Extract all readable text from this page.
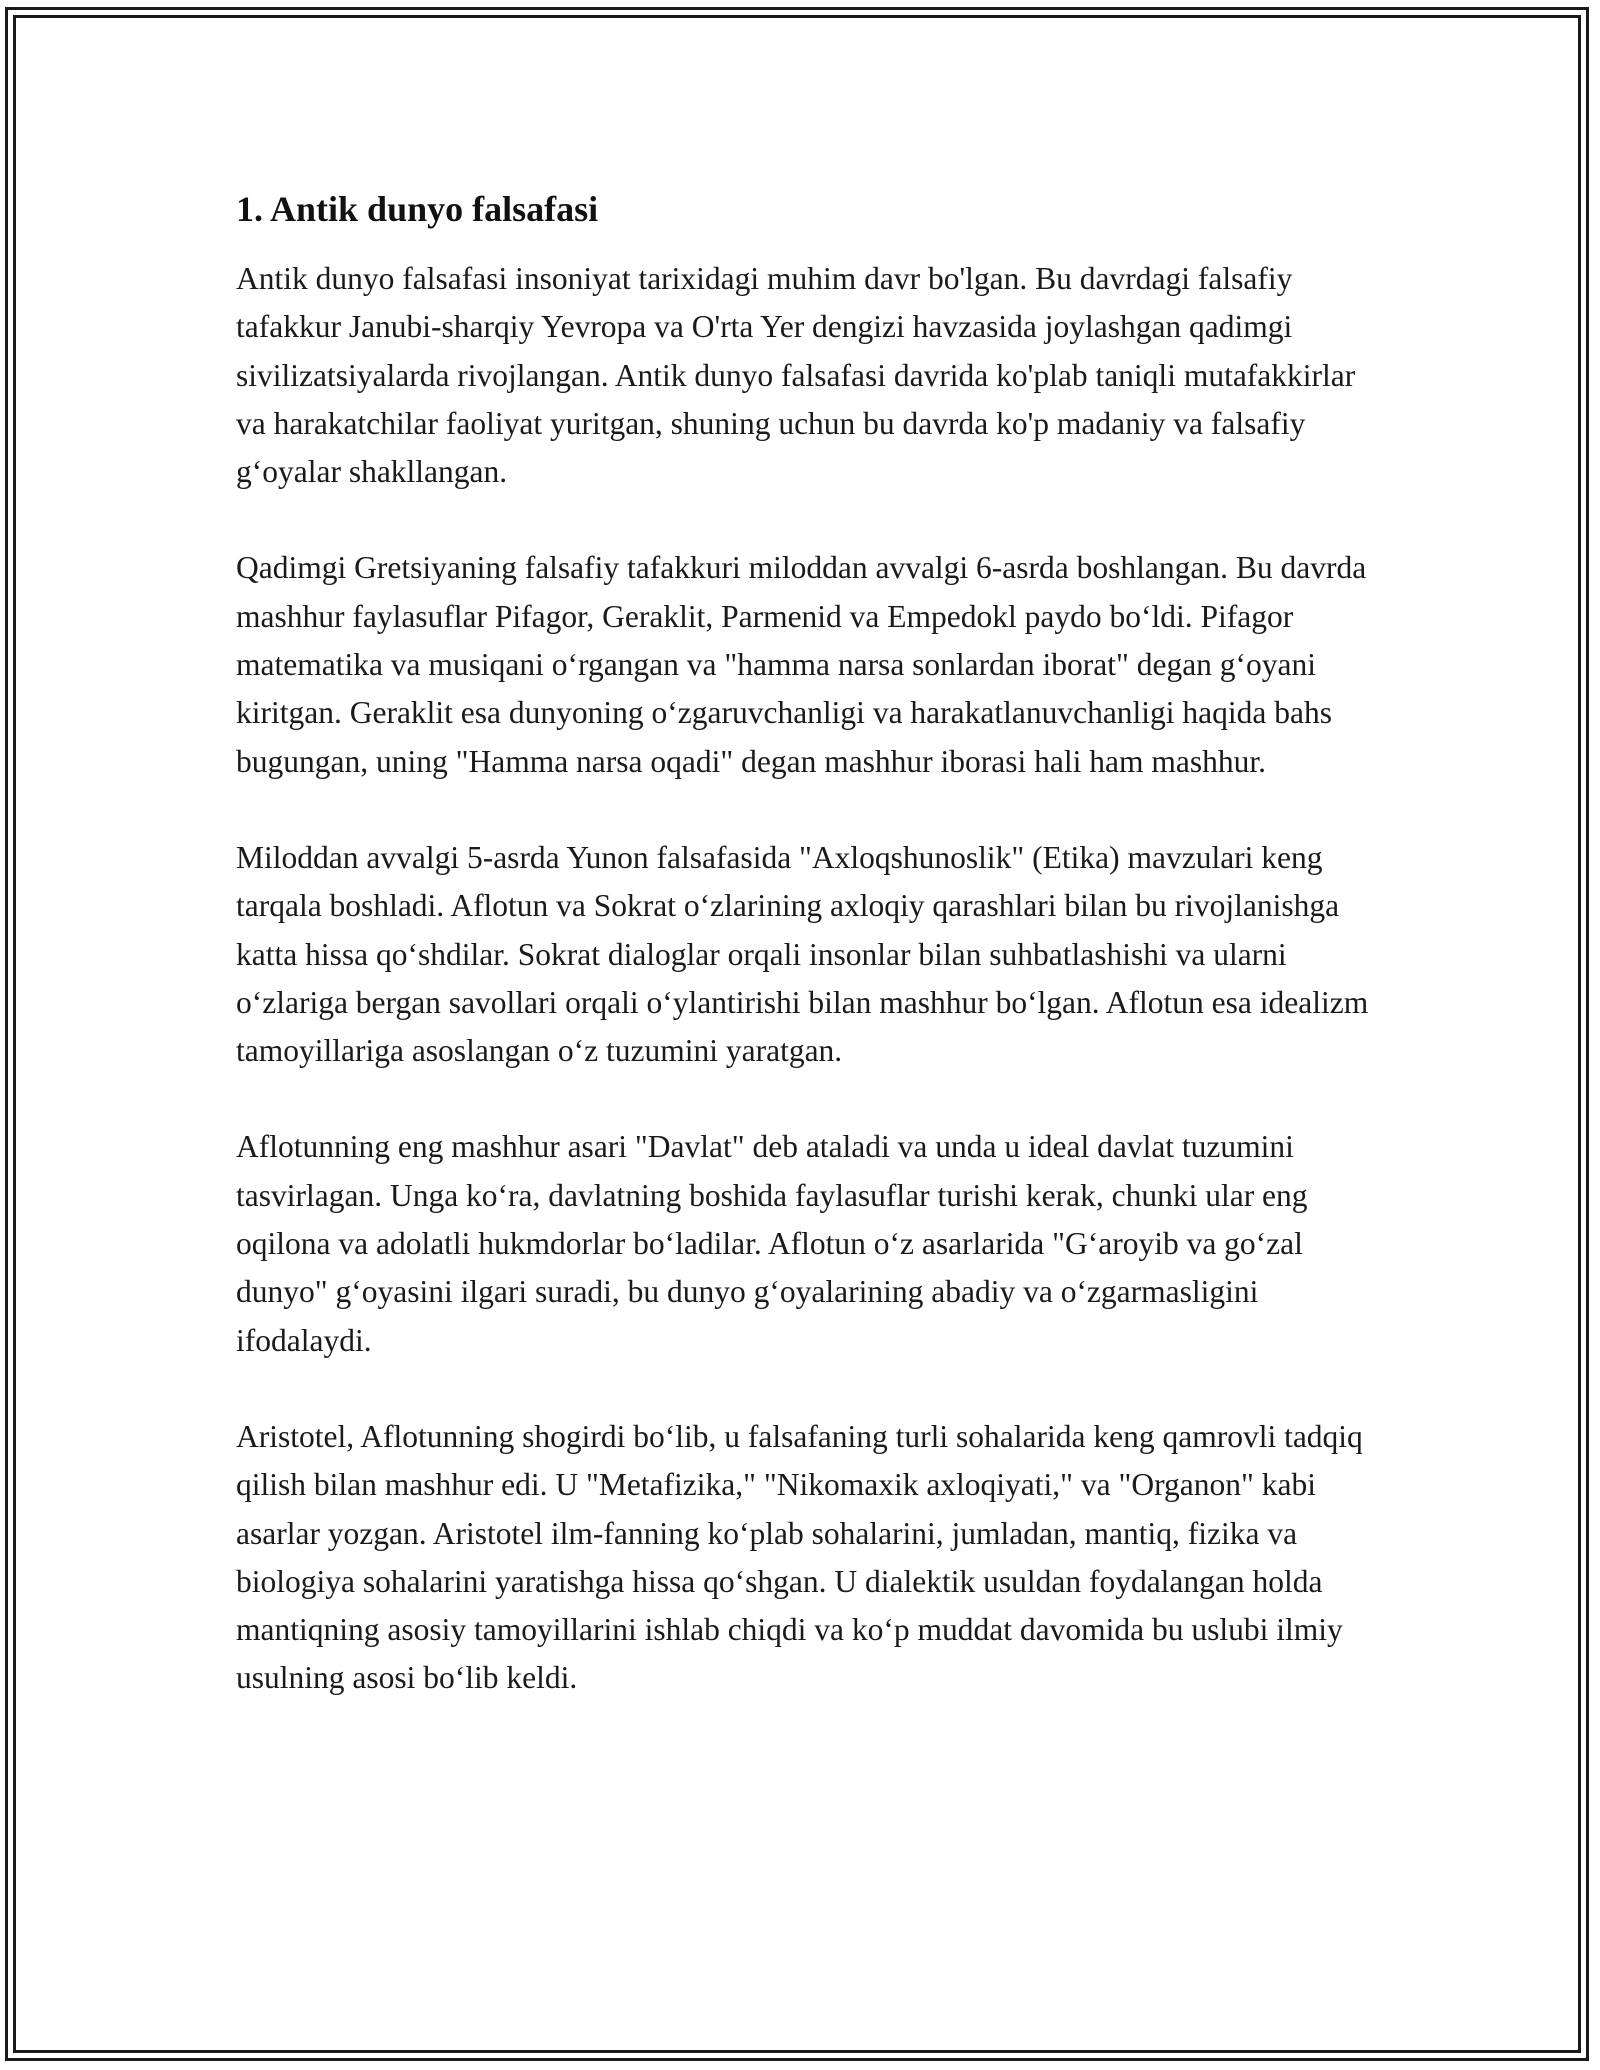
1. Antik dunyo falsafasi

Antik dunyo falsafasi insoniyat tarixidagi muhim davr bo'lgan. Bu davrdagi falsafiy tafakkur Janubi-sharqiy Yevropa va O'rta Yer dengizi havzasida joylashgan qadimgi sivilizatsiyalarda rivojlangan. Antik dunyo falsafasi davrida ko'plab taniqli mutafakkirlar va harakatchilar faoliyat yuritgan, shuning uchun bu davrda ko'p madaniy va falsafiy g‘oyalar shakllangan.

Qadimgi Gretsiyaning falsafiy tafakkuri miloddan avvalgi 6-asrda boshlangan. Bu davrda mashhur faylasuflar Pifagor, Geraklit, Parmenid va Empedokl paydo bo‘ldi. Pifagor matematika va musiqani o‘rgangan va "hamma narsa sonlardan iborat" degan g‘oyani kiritgan. Geraklit esa dunyoning o‘zgaruvchanligi va harakatlanuvchanligi haqida bahs bugungan, uning "Hamma narsa oqadi" degan mashhur iborasi hali ham mashhur.

Miloddan avvalgi 5-asrda Yunon falsafasida "Axloqshunoslik" (Etika) mavzulari keng tarqala boshladi. Aflotun va Sokrat o‘zlarining axloqiy qarashlari bilan bu rivojlanishga katta hissa qo‘shdilar. Sokrat dialoglar orqali insonlar bilan suhbatlashishi va ularni o‘zlariga bergan savollari orqali o‘ylantirishi bilan mashhur bo‘lgan. Aflotun esa idealizm tamoyillariga asoslangan o‘z tuzumini yaratgan.

Aflotunning eng mashhur asari "Davlat" deb ataladi va unda u ideal davlat tuzumini tasvirlagan. Unga ko‘ra, davlatning boshida faylasuflar turishi kerak, chunki ular eng oqilona va adolatli hukmdorlar bo‘ladilar. Aflotun o‘z asarlarida "G‘aroyib va go‘zal dunyo" g‘oyasini ilgari suradi, bu dunyo g‘oyalarining abadiy va o‘zgarmasligini ifodalaydi.

Aristotel, Aflotunning shogirdi bo‘lib, u falsafaning turli sohalarida keng qamrovli tadqiq qilish bilan mashhur edi. U "Metafizika," "Nikomaxik axloqiyati," va "Organon" kabi asarlar yozgan. Aristotel ilm-fanning ko‘plab sohalarini, jumladan, mantiq, fizika va biologiya sohalarini yaratishga hissa qo‘shgan. U dialektik usuldan foydalangan holda mantiqning asosiy tamoyillarini ishlab chiqdi va ko‘p muddat davomida bu uslubi ilmiy usulning asosi bo‘lib keldi.
